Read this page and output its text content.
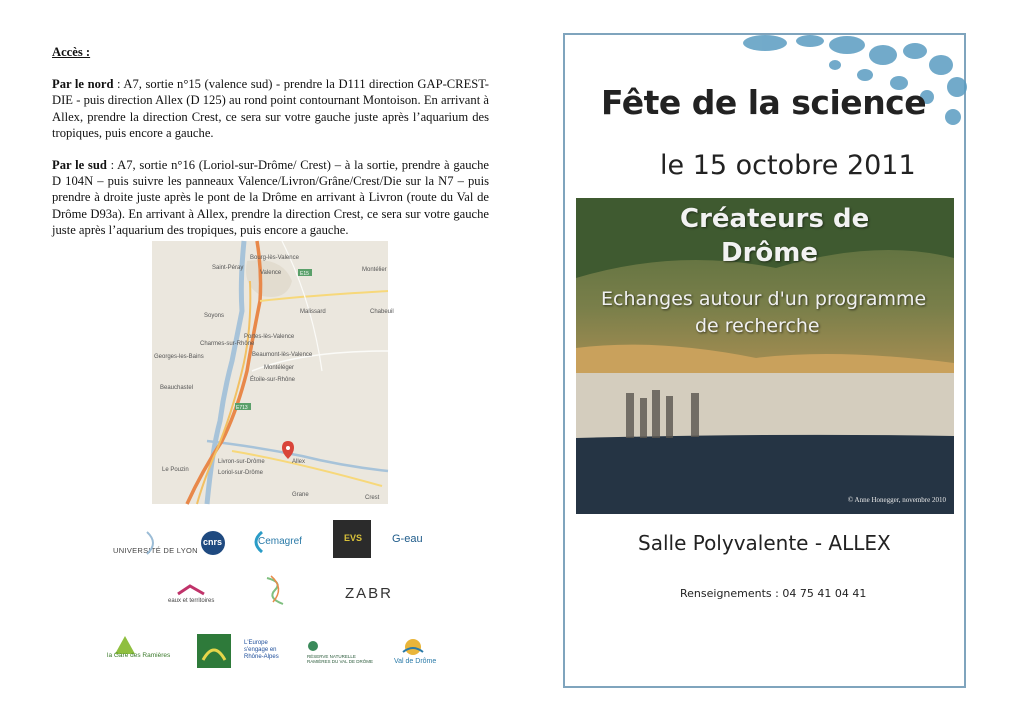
Accès :

Par le nord : A7, sortie n°15 (valence sud) - prendre la D111 direction GAP-CREST-DIE - puis direction Allex (D 125) au rond point contournant Montoison. En arrivant à Allex, prendre la direction Crest, ce sera sur votre gauche juste après l’aquarium des tropiques, puis encore a gauche.

Par le sud : A7, sortie n°16 (Loriol-sur-Drôme/ Crest) – à la sortie, prendre à gauche D 104N – puis suivre les panneaux Valence/Livron/Grâne/Crest/Die sur la N7 – puis prendre à droite juste après le pont de la Drôme en arrivant à Livron (route du Val de Drôme D93a). En arrivant à Allex, prendre la direction Crest, ce sera sur votre gauche juste après l’aquarium des tropiques, puis encore a gauche.

E15
E713
Bourg-lès-Valence
Saint-Péray
Valence	Montélier
Malissard	Chabeuil
Soyons
Portes-lès-Valence
Charmes-sur-Rhône
Georges-les-Bains	Beaumont-lès-Valence
Montéléger
Étoile-sur-Rhône
Beauchastel
Livron-sur-Drôme
Loriol-sur-Drôme
Le Pouzin
Allex
Grane	Crest
UNIVERSITÉ DE LYON
cnrs	Cemagref	EVS	G-eau
eaux et territoires	ZABR
la Gare des Ramières
L'Europe s'engage en Rhône-Alpes	RÉSERVE NATURELLE RAMIÈRES DU VAL DE DRÔME	Val de Drôme
Fête de la science
le 15 octobre 2011
Créateurs de
Drôme
Echanges autour d'un programme
de recherche
© Anne Honegger, novembre 2010
Salle Polyvalente - ALLEX
Renseignements : 04 75 41 04 41
